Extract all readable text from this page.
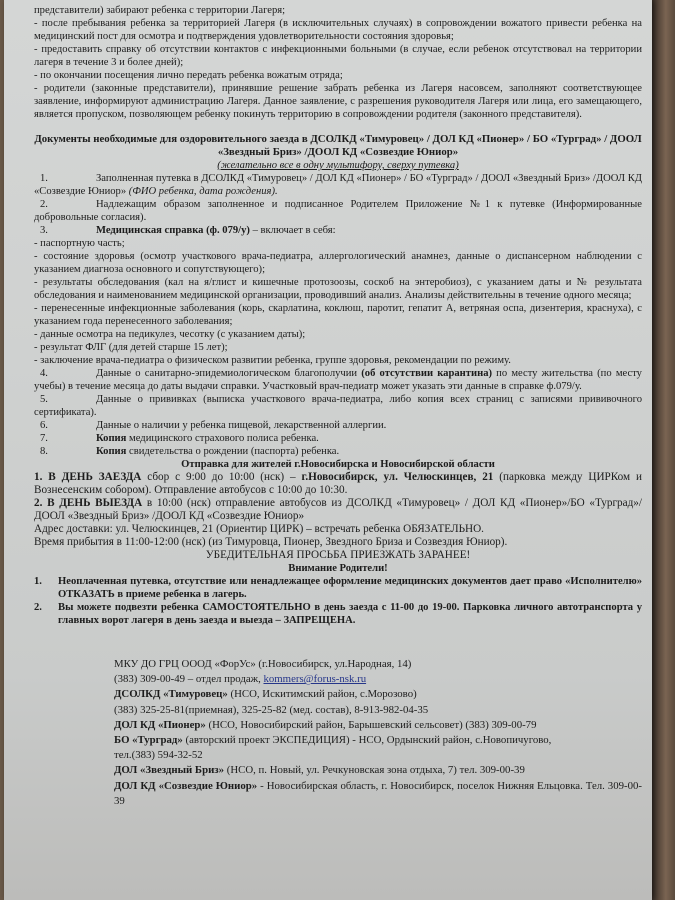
представители) забирают ребенка с территории Лагеря;

- после пребывания ребенка за территорией Лагеря (в исключительных случаях) в сопровождении вожатого привести ребенка на медицинский пост для осмотра и подтверждения удовлетворительности состояния здоровья;

- предоставить справку об отсутствии контактов с инфекционными больными (в случае, если ребенок отсутствовал на территории лагеря в течение 3 и более дней);

- по окончании посещения лично передать ребенка вожатым отряда;

- родители (законные представители), принявшие решение забрать ребенка из Лагеря насовсем, заполняют соответствующее заявление, информируют администрацию Лагеря. Данное заявление, с разрешения руководителя Лагеря или лица, его замещающего, является пропуском, позволяющем ребенку покинуть территорию в сопровождении родителя (законного представителя).

Документы необходимые для оздоровительного заезда в ДСОЛКД «Тимуровец» / ДОЛ КД «Пионер» / БО «Турград» / ДООЛ «Звездный Бриз» /ДООЛ КД «Созвездие Юниор»

(желательно все в одну мультифору, сверху путевка)

1.	Заполненная путевка в ДСОЛКД «Тимуровец» / ДОЛ КД «Пионер» / БО «Турград» / ДООЛ «Звездный Бриз» /ДООЛ КД «Созвездие Юниор» (ФИО ребенка, дата рождения).

2.	Надлежащим образом заполненное и подписанное Родителем Приложение №1 к путевке (Информированные добровольные согласия).

3.	Медицинская справка (ф. 079/у) – включает в себя:

- паспортную часть;

- состояние здоровья (осмотр участкового врача-педиатра, аллергологический анамнез, данные о диспансерном наблюдении с указанием диагноза основного и сопутствующего);

- результаты обследования (кал на я/глист и кишечные протозоозы, соскоб на энтеробиоз), с указанием даты и № результата обследования и наименованием медицинской организации, проводивший анализ. Анализы действительны в течение одного месяца;

- перенесенные инфекционные заболевания (корь, скарлатина, коклюш, паротит, гепатит А, ветряная оспа, дизентерия, краснуха), с указанием года перенесенного заболевания;

- данные осмотра на педикулез, чесотку (с указанием даты);

- результат ФЛГ (для детей старше 15 лет);

- заключение врача-педиатра о физическом развитии ребенка, группе здоровья, рекомендации по режиму.

4.	Данные о санитарно-эпидемиологическом благополучии (об отсутствии карантина) по месту жительства (по месту учебы) в течение месяца до даты выдачи справки. Участковый врач-педиатр может указать эти данные в справке ф.079/у.

5.	Данные о прививках (выписка участкового врача-педиатра, либо копия всех страниц с записями прививочного сертификата).

6.	Данные о наличии у ребенка пищевой, лекарственной аллергии.

7.	Копия медицинского страхового полиса ребенка.

8.	Копия свидетельства о рождении (паспорта) ребенка.

Отправка для жителей г.Новосибирска и Новосибирской области

1. В ДЕНЬ ЗАЕЗДА сбор с 9:00 до 10:00 (нск) – г.Новосибирск, ул. Челюскинцев, 21 (парковка между ЦИРКом и Вознесенским собором). Отправление автобусов с 10:00 до 10:30.

2. В ДЕНЬ ВЫЕЗДА в 10:00 (нск) отправление автобусов из ДСОЛКД «Тимуровец» / ДОЛ КД «Пионер»/БО «Турград»/ ДООЛ «Звездный Бриз» /ДООЛ КД «Созвездие Юниор»

Адрес доставки: ул. Челюскинцев, 21 (Ориентир ЦИРК) – встречать ребенка ОБЯЗАТЕЛЬНО.

Время прибытия в 11:00-12:00 (нск) (из Тимуровца, Пионер, Звездного Бриза и Созвездия Юниор).

УБЕДИТЕЛЬНАЯ ПРОСЬБА ПРИЕЗЖАТЬ ЗАРАНЕЕ!

Внимание Родители!

1. Неоплаченная путевка, отсутствие или ненадлежащее оформление медицинских документов дает право «Исполнителю» ОТКАЗАТЬ в приеме ребенка в лагерь.

2. Вы можете подвезти ребенка САМОСТОЯТЕЛЬНО в день заезда с 11-00 до 19-00. Парковка личного автотранспорта у главных ворот лагеря в день заезда и выезда – ЗАПРЕЩЕНА.

МКУ ДО ГРЦ ОООД «ФорУс» (г.Новосибирск, ул.Народная, 14)

(383) 309-00-49 – отдел продаж, kommers@forus-nsk.ru

ДСОЛКД «Тимуровец» (НСО, Искитимский район, с.Морозово)

(383) 325-25-81(приемная), 325-25-82 (мед. состав), 8-913-982-04-35

ДОЛ КД «Пионер» (НСО, Новосибирский район, Барышевский сельсовет) (383) 309-00-79

БО «Турград» (авторский проект ЭКСПЕДИЦИЯ) - НСО, Ордынский район, с.Новопичугово,

тел.(383) 594-32-52

ДОЛ «Звездный Бриз» (НСО, п. Новый, ул. Речкуновская зона отдыха, 7) тел. 309-00-39

ДОЛ КД «Созвездие Юниор» - Новосибирская область, г. Новосибирск, поселок Нижняя Ельцовка. Тел. 309-00-39
